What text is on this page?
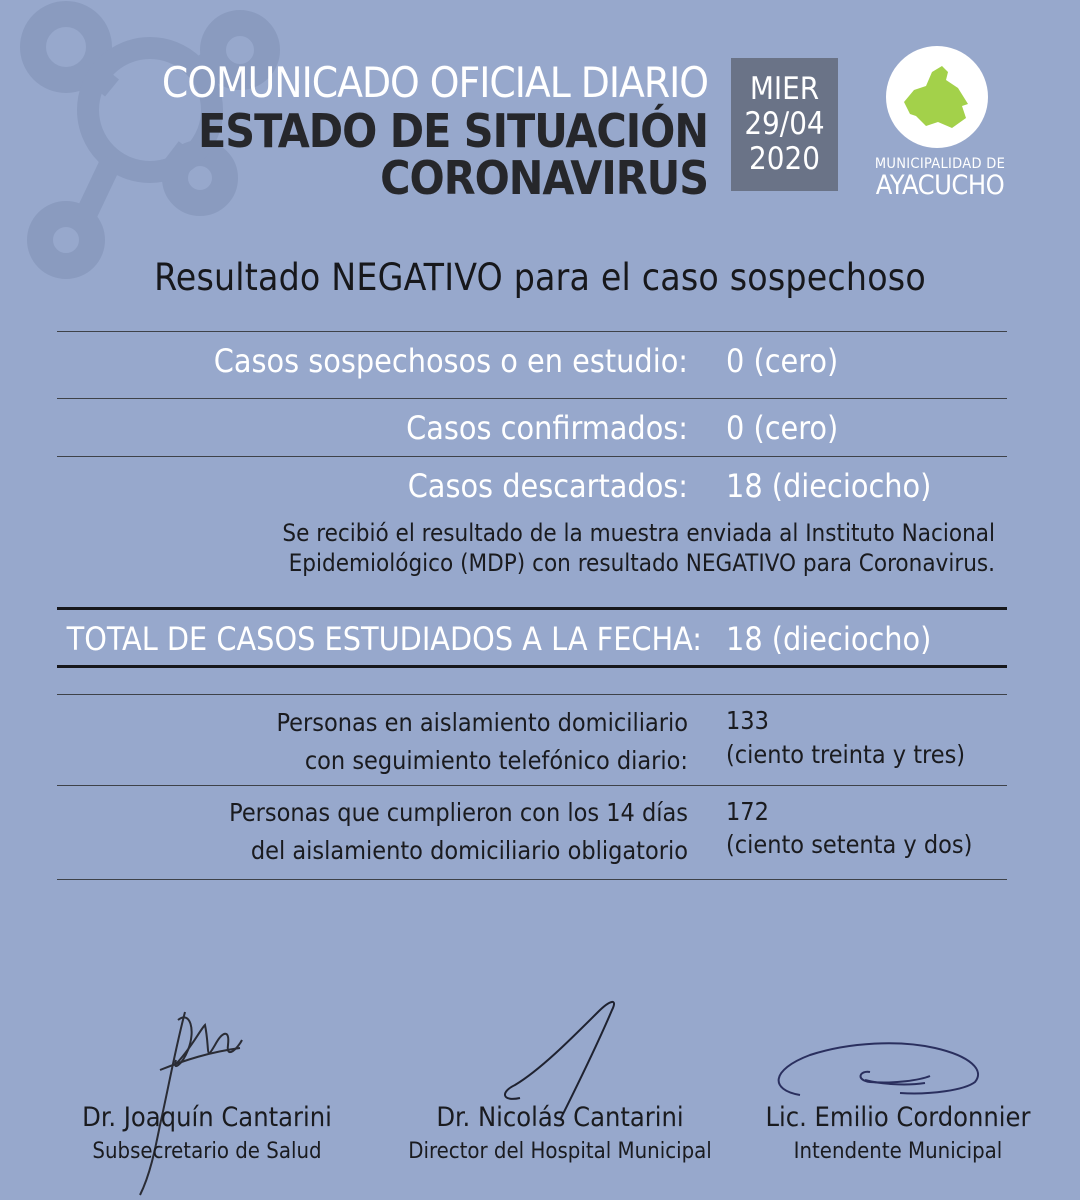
COMUNICADO OFICIAL DIARIO
ESTADO DE SITUACIÓN
CORONAVIRUS
MIER
29/04
2020	MUNICIPALIDAD DE
AYACUCHO
Resultado NEGATIVO para el caso sospechoso
Casos sospechosos o en estudio: 0 (cero)
Casos confirmados: 0 (cero)
Casos descartados: 18 (dieciocho)
Se recibió el resultado de la muestra enviada al Instituto Nacional
Epidemiológico (MDP) con resultado NEGATIVO para Coronavirus.
TOTAL DE CASOS ESTUDIADOS A LA FECHA: 18 (dieciocho)
Personas en aislamiento domiciliario
con seguimiento telefónico diario:
133
(ciento treinta y tres)
Personas que cumplieron con los 14 días
del aislamiento domiciliario obligatorio
172
(ciento setenta y dos)
Dr. Joaquín Cantarini
Subsecretario de Salud
Dr. Nicolás Cantarini
Director del Hospital Municipal
Lic. Emilio Cordonnier
Intendente Municipal
